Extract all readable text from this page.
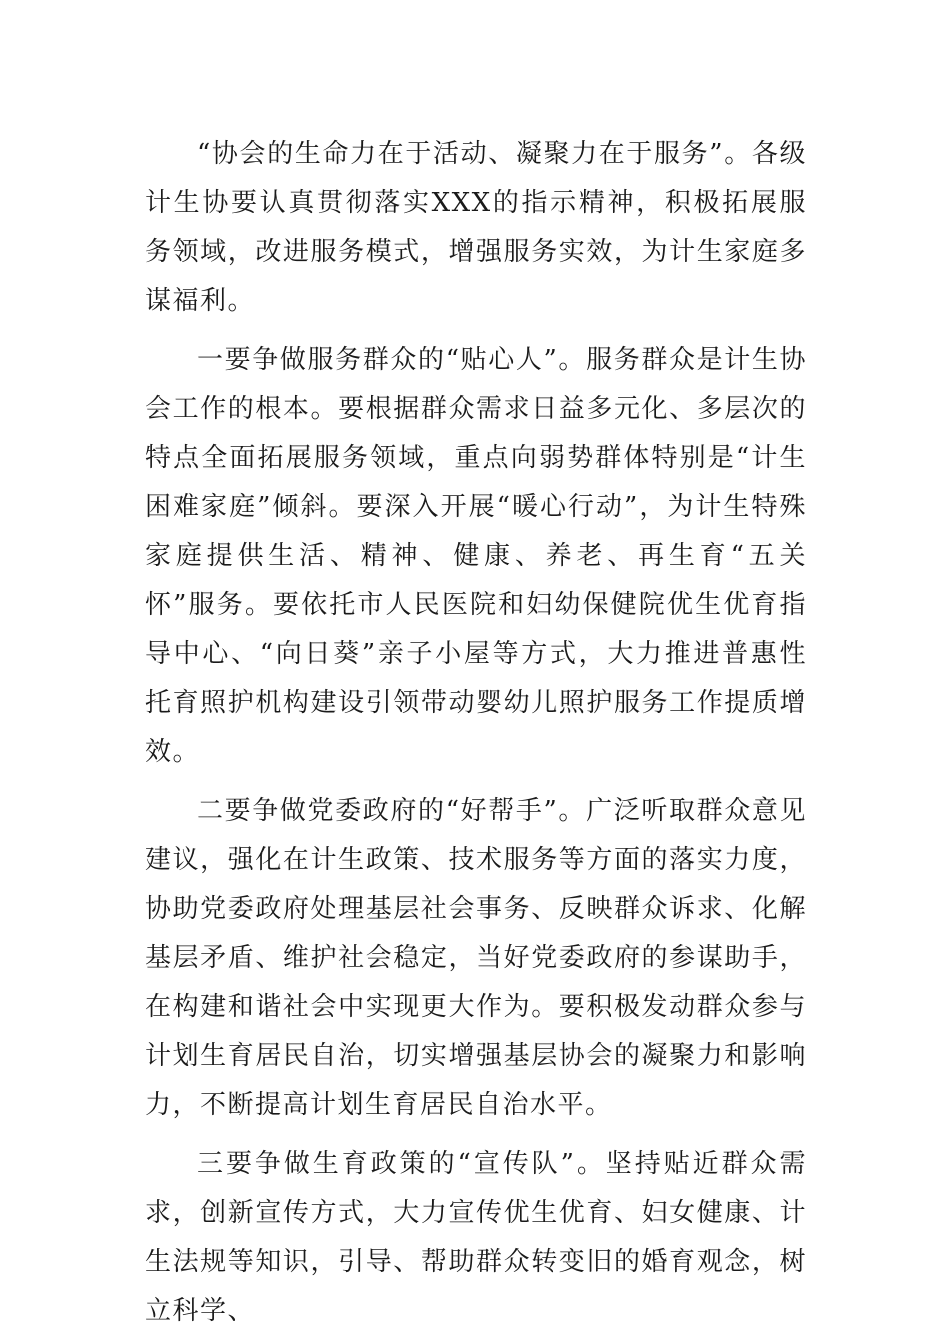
“协会的生命力在于活动、凝聚力在于服务”。各级计生协要认真贯彻落实XXX的指示精神，积极拓展服务领域，改进服务模式，增强服务实效，为计生家庭多谋福利。

一要争做服务群众的“贴心人”。服务群众是计生协会工作的根本。要根据群众需求日益多元化、多层次的特点全面拓展服务领域，重点向弱势群体特别是“计生困难家庭”倾斜。要深入开展“暖心行动”，为计生特殊家庭提供生活、精神、健康、养老、再生育“五关怀”服务。要依托市人民医院和妇幼保健院优生优育指导中心、“向日葵”亲子小屋等方式，大力推进普惠性托育照护机构建设引领带动婴幼儿照护服务工作提质增效。

二要争做党委政府的“好帮手”。广泛听取群众意见建议，强化在计生政策、技术服务等方面的落实力度，协助党委政府处理基层社会事务、反映群众诉求、化解基层矛盾、维护社会稳定，当好党委政府的参谋助手，在构建和谐社会中实现更大作为。要积极发动群众参与计划生育居民自治，切实增强基层协会的凝聚力和影响力，不断提高计划生育居民自治水平。

三要争做生育政策的“宣传队”。坚持贴近群众需求，创新宣传方式，大力宣传优生优育、妇女健康、计生法规等知识，引导、帮助群众转变旧的婚育观念，树立科学、
